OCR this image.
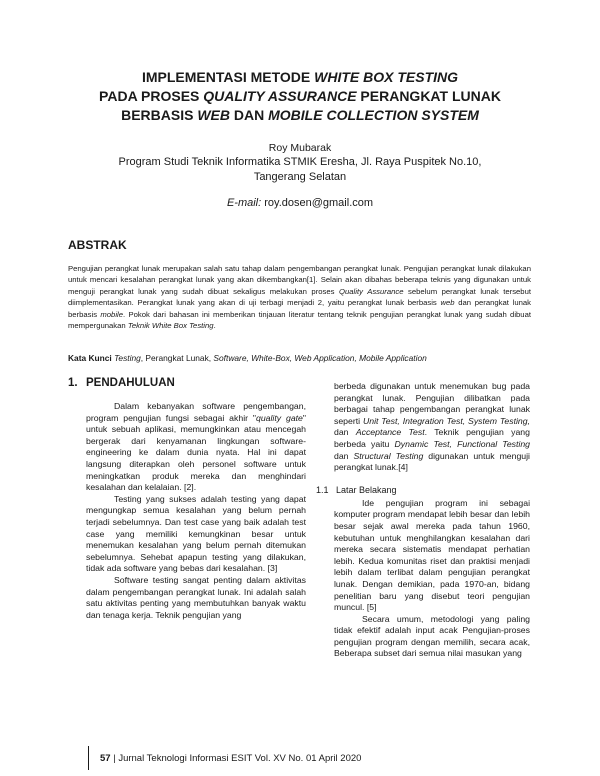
IMPLEMENTASI METODE WHITE BOX TESTING
PADA PROSES QUALITY ASSURANCE PERANGKAT LUNAK
BERBASIS WEB DAN MOBILE COLLECTION SYSTEM
Roy Mubarak
Program Studi Teknik Informatika STMIK Eresha, Jl. Raya Puspitek No.10,
Tangerang Selatan
E-mail: roy.dosen@gmail.com
ABSTRAK

Pengujian perangkat lunak merupakan salah satu tahap dalam pengembangan perangkat lunak. Pengujian perangkat lunak dilakukan untuk mencari kesalahan perangkat lunak yang akan dikembangkan[1]. Selain akan dibahas beberapa teknis yang digunakan untuk menguji perangkat lunak yang sudah dibuat sekaligus melakukan proses Quality Assurance sebelum perangkat lunak tersebut diimplementasikan. Perangkat lunak yang akan di uji terbagi menjadi 2, yaitu perangkat lunak berbasis web dan perangkat lunak berbasis mobile. Pokok dari bahasan ini memberikan tinjauan literatur tentang teknik pengujian perangkat lunak yang sudah dibuat mempergunakan Teknik White Box Testing.

Kata Kunci Testing, Perangkat Lunak, Software, White-Box, Web Application, Mobile Application
1. PENDAHULUAN

Dalam kebanyakan software pengembangan, program pengujian fungsi sebagai akhir "quality gate" untuk sebuah aplikasi, memungkinkan atau mencegah bergerak dari kenyamanan lingkungan software-engineering ke dalam dunia nyata. Hal ini dapat langsung diterapkan oleh personel software untuk meningkatkan produk mereka dan menghindari kesalahan dan kelalaian. [2].

Testing yang sukses adalah testing yang dapat mengungkap semua kesalahan yang belum pernah terjadi sebelumnya. Dan test case yang baik adalah test case yang memiliki kemungkinan besar untuk menemukan kesalahan yang belum pernah ditemukan sebelumnya. Sehebat apapun testing yang dilakukan, tidak ada software yang bebas dari kesalahan. [3]

Software testing sangat penting dalam aktivitas dalam pengembangan perangkat lunak. Ini adalah salah satu aktivitas penting yang membutuhkan banyak waktu dan tenaga kerja. Teknik pengujian yang

berbeda digunakan untuk menemukan bug pada perangkat lunak. Pengujian dilibatkan pada berbagai tahap pengembangan perangkat lunak seperti Unit Test, Integration Test, System Testing, dan Acceptance Test. Teknik pengujian yang berbeda yaitu Dynamic Test, Functional Testing dan Structural Testing digunakan untuk menguji perangkat lunak.[4]

1.1 Latar Belakang

Ide pengujian program ini sebagai komputer program mendapat lebih besar dan lebih besar sejak awal mereka pada tahun 1960, kebutuhan untuk menghilangkan kesalahan dari mereka secara sistematis mendapat perhatian lebih. Kedua komunitas riset dan praktisi menjadi lebih dalam terlibat dalam pengujian perangkat lunak. Dengan demikian, pada 1970-an, bidang penelitian baru yang disebut teori pengujian muncul. [5]

Secara umum, metodologi yang paling tidak efektif adalah input acak Pengujian-proses pengujian program dengan memilih, secara acak, Beberapa subset dari semua nilai masukan yang

57 | Jurnal Teknologi Informasi ESIT Vol. XV No. 01 April 2020
